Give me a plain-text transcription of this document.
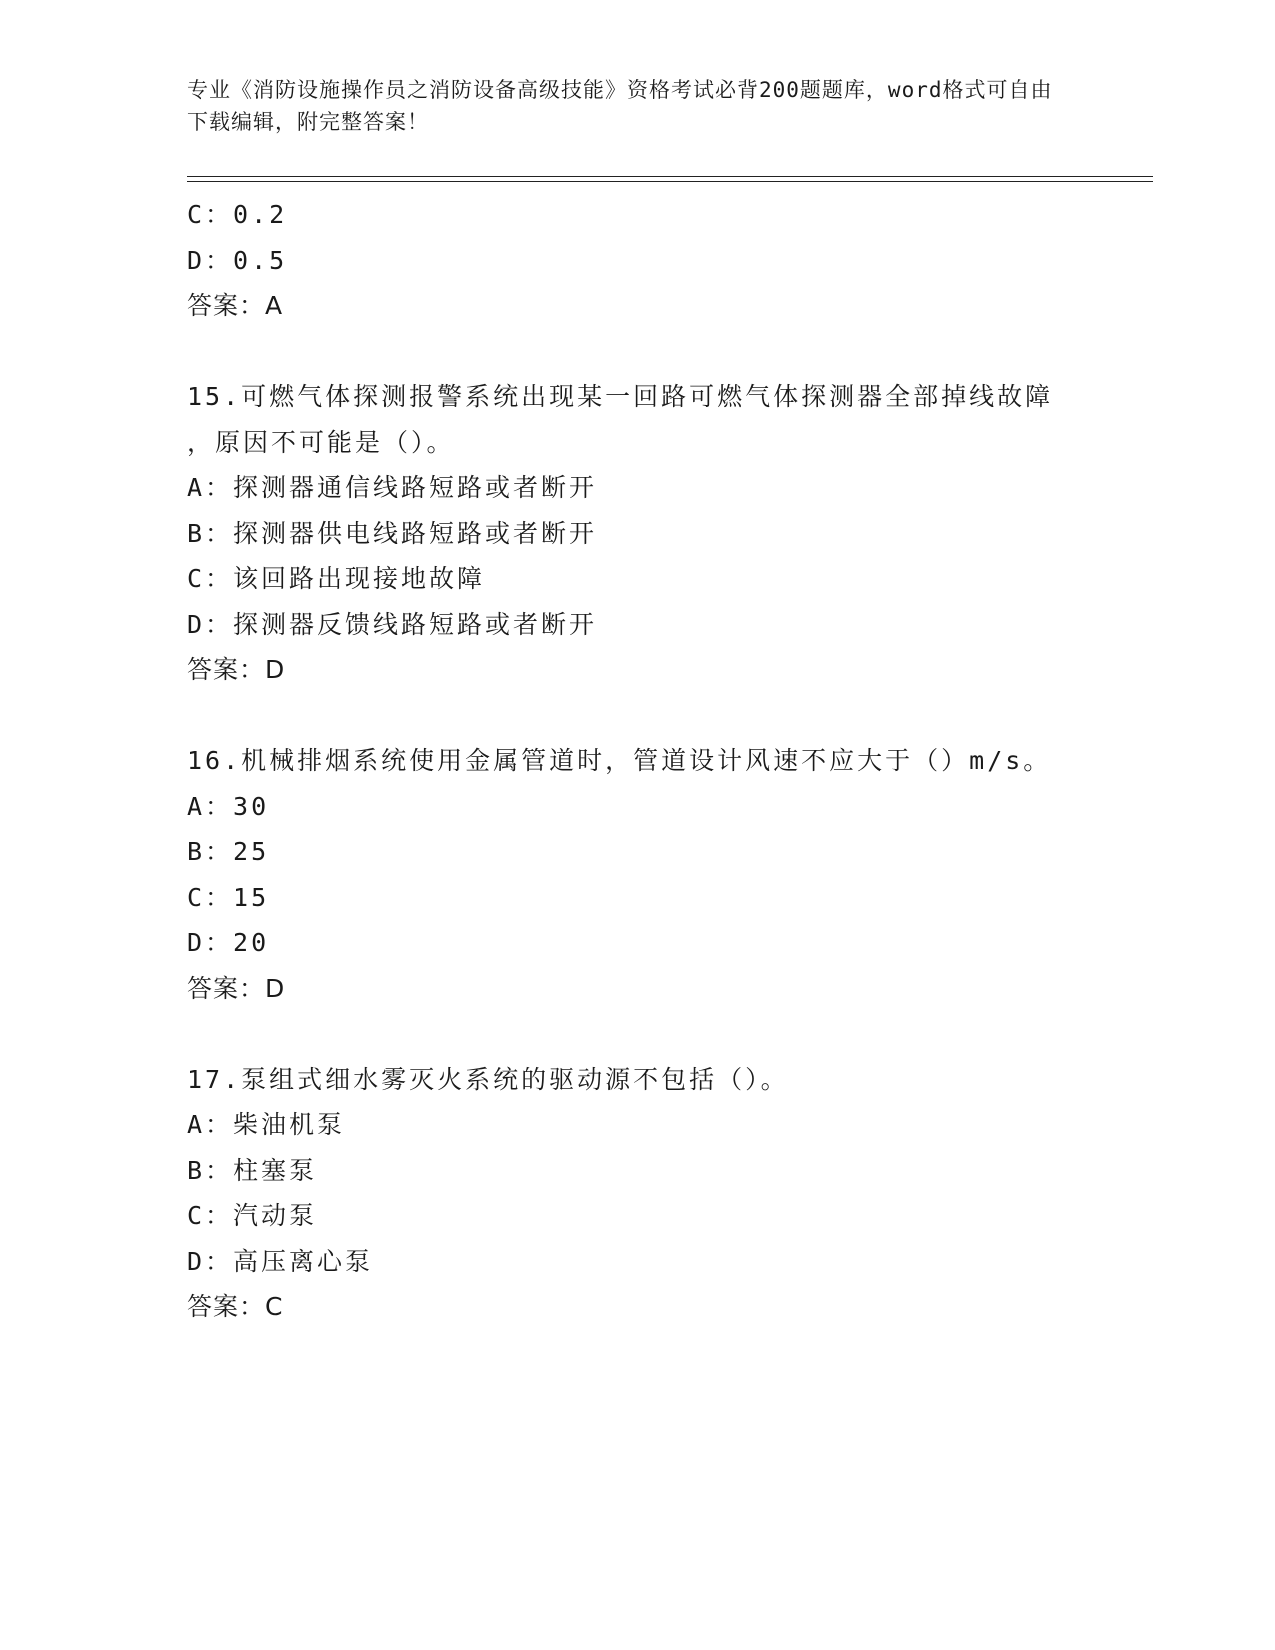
专业《消防设施操作员之消防设备高级技能》资格考试必背200题题库，word格式可自由下载编辑，附完整答案！
C：0.2
D：0.5
答案：A
15.可燃气体探测报警系统出现某一回路可燃气体探测器全部掉线故障
，原因不可能是（）。
A：探测器通信线路短路或者断开
B：探测器供电线路短路或者断开
C：该回路出现接地故障
D：探测器反馈线路短路或者断开
答案：D
16.机械排烟系统使用金属管道时，管道设计风速不应大于（）m/s。
A：30
B：25
C：15
D：20
答案：D
17.泵组式细水雾灭火系统的驱动源不包括（）。
A：柴油机泵
B：柱塞泵
C：汽动泵
D：高压离心泵
答案：C
